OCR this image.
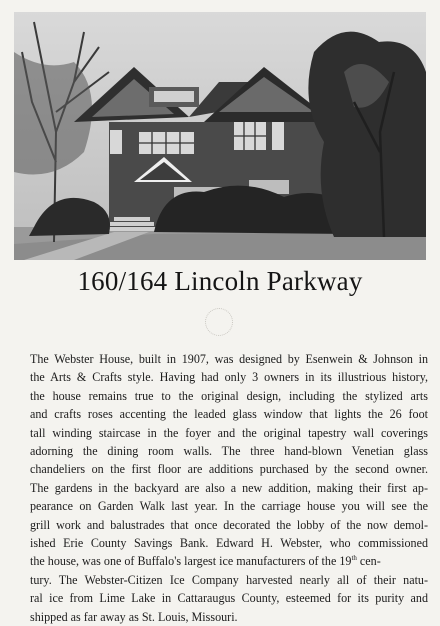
160/164 Lincoln Parkway
The Webster House, built in 1907, was designed by Esenwein & Johnson in
the Arts & Crafts style. Having had only 3 owners in its illustrious history,
the house remains true to the original design, including the stylized arts
and crafts roses accenting the leaded glass window that lights the 26 foot
tall winding staircase in the foyer and the original tapestry wall coverings
adorning the dining room walls. The three hand-blown Venetian glass
chandeliers on the first floor are additions purchased by the second owner.
The gardens in the backyard are also a new addition, making their first ap-
pearance on Garden Walk last year. In the carriage house you will see the
grill work and balustrades that once decorated the lobby of the now demol-
ished Erie County Savings Bank. Edward H. Webster, who commissioned
the house, was one of Buffalo's largest ice manufacturers of the 19th cen-
tury. The Webster-Citizen Ice Company harvested nearly all of their natu-
ral ice from Lime Lake in Cattaraugus County, esteemed for its purity and
shipped as far away as St. Louis, Missouri.
